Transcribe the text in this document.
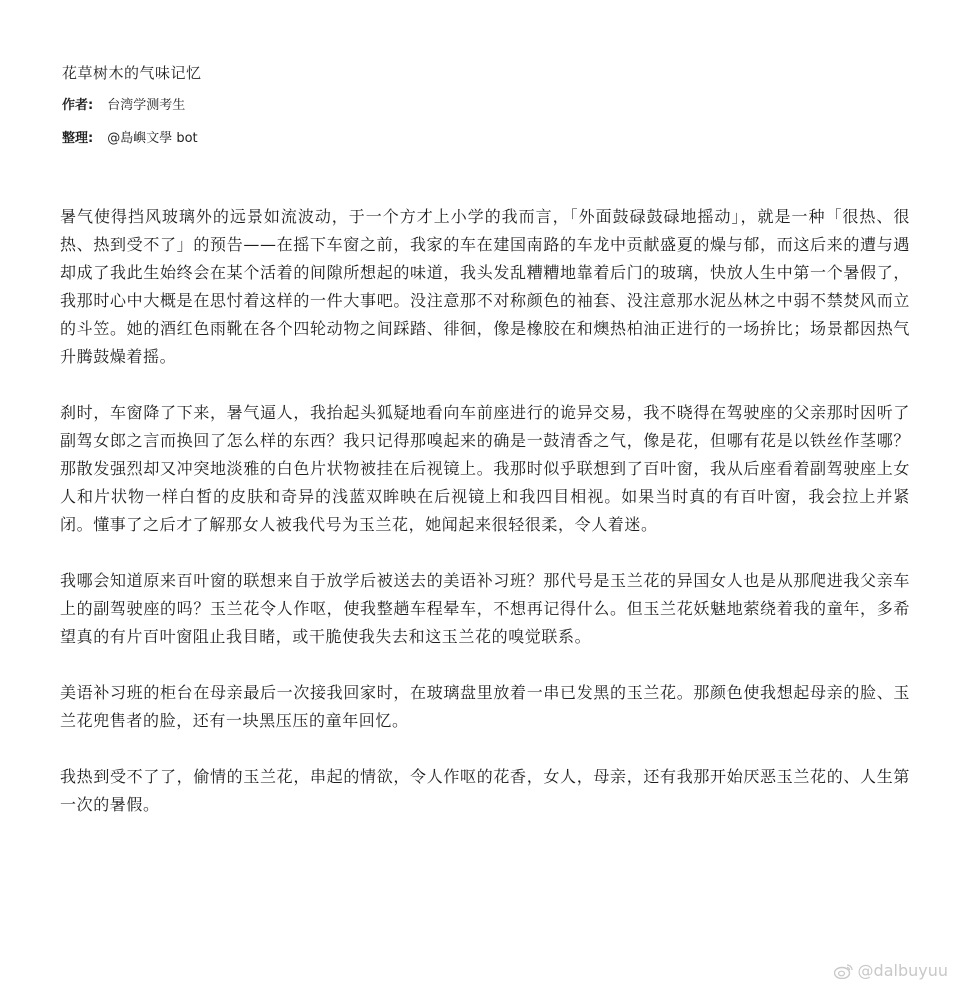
花草树木的气味记忆
作者: 台湾学测考生
整理: @島嶼文學 bot

暑气使得挡风玻璃外的远景如流波动，于一个方才上小学的我而言，「外面鼓碌鼓碌地摇动」，就是一种「很热、很热、热到受不了」的预告——在摇下车窗之前，我家的车在建国南路的车龙中贡献盛夏的燥与郁，而这后来的遭与遇却成了我此生始终会在某个活着的间隙所想起的味道，我头发乱糟糟地靠着后门的玻璃，快放人生中第一个暑假了，我那时心中大概是在思忖着这样的一件大事吧。没注意那不对称颜色的袖套、没注意那水泥丛林之中弱不禁焚风而立的斗笠。她的酒红色雨靴在各个四轮动物之间踩踏、徘徊，像是橡胶在和燠热柏油正进行的一场拚比；场景都因热气升腾鼓燥着摇。

刹时，车窗降了下来，暑气逼人，我抬起头狐疑地看向车前座进行的诡异交易，我不晓得在驾驶座的父亲那时因听了副驾女郎之言而换回了怎么样的东西？我只记得那嗅起来的确是一鼓清香之气，像是花，但哪有花是以铁丝作茎哪？那散发强烈却又冲突地淡雅的白色片状物被挂在后视镜上。我那时似乎联想到了百叶窗，我从后座看着副驾驶座上女人和片状物一样白皙的皮肤和奇异的浅蓝双眸映在后视镜上和我四目相视。如果当时真的有百叶窗，我会拉上并紧闭。懂事了之后才了解那女人被我代号为玉兰花，她闻起来很轻很柔，令人着迷。

我哪会知道原来百叶窗的联想来自于放学后被送去的美语补习班？那代号是玉兰花的异国女人也是从那爬进我父亲车上的副驾驶座的吗？玉兰花令人作呕，使我整趟车程晕车，不想再记得什么。但玉兰花妖魅地萦绕着我的童年，多希望真的有片百叶窗阻止我目睹，或干脆使我失去和这玉兰花的嗅觉联系。

美语补习班的柜台在母亲最后一次接我回家时，在玻璃盘里放着一串已发黑的玉兰花。那颜色使我想起母亲的脸、玉兰花兜售者的脸，还有一块黑压压的童年回忆。

我热到受不了了，偷情的玉兰花，串起的情欲，令人作呕的花香，女人，母亲，还有我那开始厌恶玉兰花的、人生第一次的暑假。

@dalbuyuu
